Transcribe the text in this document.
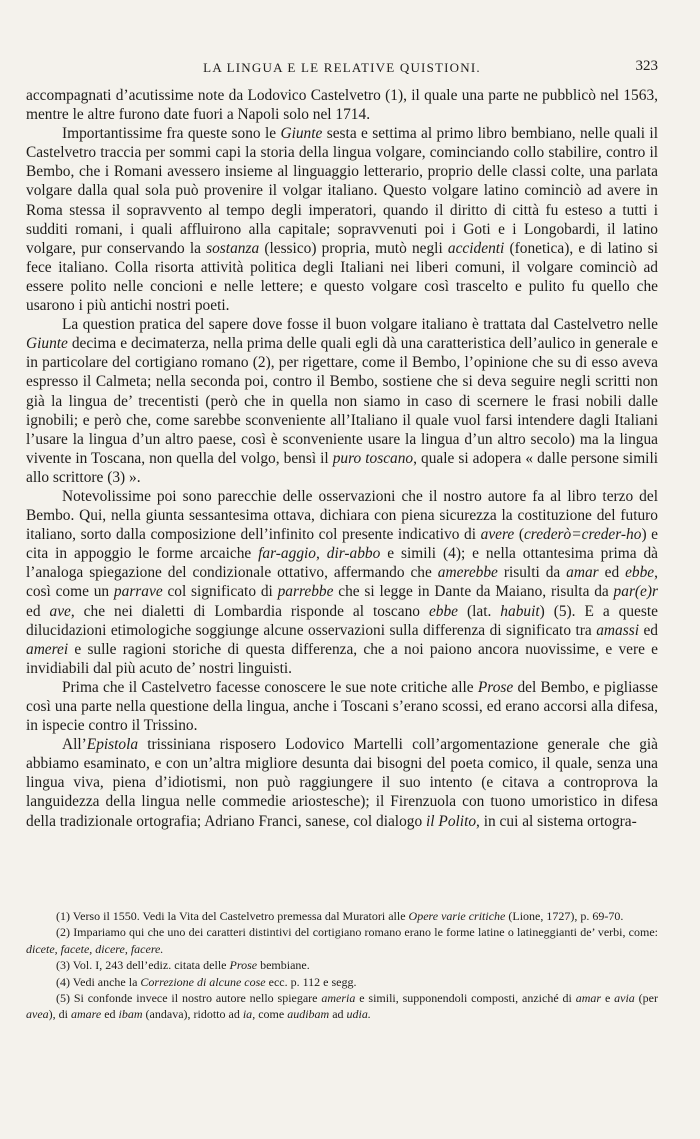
LA LINGUA E LE RELATIVE QUISTIONI.	323

accompagnati d’acutissime note da Lodovico Castelvetro (1), il quale una parte ne pubblicò nel 1563, mentre le altre furono date fuori a Napoli solo nel 1714.

Importantissime fra queste sono le Giunte sesta e settima al primo libro bembiano, nelle quali il Castelvetro traccia per sommi capi la storia della lingua volgare, cominciando collo stabilire, contro il Bembo, che i Romani avessero insieme al linguaggio letterario, proprio delle classi colte, una parlata volgare dalla qual sola può provenire il volgar italiano. Questo volgare latino cominciò ad avere in Roma stessa il sopravvento al tempo degli imperatori, quando il diritto di città fu esteso a tutti i sudditi romani, i quali affluirono alla capitale; sopravvenuti poi i Goti e i Longobardi, il latino volgare, pur conservando la sostanza (lessico) propria, mutò negli accidenti (fonetica), e di latino si fece italiano. Colla risorta attività politica degli Italiani nei liberi comuni, il volgare cominciò ad essere polito nelle concioni e nelle lettere; e questo volgare così trascelto e pulito fu quello che usarono i più antichi nostri poeti.

La question pratica del sapere dove fosse il buon volgare italiano è trattata dal Castelvetro nelle Giunte decima e decimaterza, nella prima delle quali egli dà una caratteristica dell’aulico in generale e in particolare del cortigiano romano (2), per rigettare, come il Bembo, l’opinione che su di esso aveva espresso il Calmeta; nella seconda poi, contro il Bembo, sostiene che si deva seguire negli scritti non già la lingua de’ trecentisti (però che in quella non siamo in caso di scernere le frasi nobili dalle ignobili; e però che, come sarebbe sconveniente all’Italiano il quale vuol farsi intendere dagli Italiani l’usare la lingua d’un altro paese, così è sconveniente usare la lingua d’un altro secolo) ma la lingua vivente in Toscana, non quella del volgo, bensì il puro toscano, quale si adopera « dalle persone simili allo scrittore (3) ».

Notevolissime poi sono parecchie delle osservazioni che il nostro autore fa al libro terzo del Bembo. Qui, nella giunta sessantesima ottava, dichiara con piena sicurezza la costituzione del futuro italiano, sorto dalla composizione dell’infinito col presente indicativo di avere (crederò=creder-ho) e cita in appoggio le forme arcaiche far-aggio, dir-abbo e simili (4); e nella ottantesima prima dà l’analoga spiegazione del condizionale ottativo, affermando che amerebbe risulti da amar ed ebbe, così come un parrave col significato di parrebbe che si legge in Dante da Maiano, risulta da par(e)r ed ave, che nei dialetti di Lombardia risponde al toscano ebbe (lat. habuit) (5). E a queste dilucidazioni etimologiche soggiunge alcune osservazioni sulla differenza di significato tra amassi ed amerei e sulle ragioni storiche di questa differenza, che a noi paiono ancora nuovissime, e vere e invidiabili dal più acuto de’ nostri linguisti.

Prima che il Castelvetro facesse conoscere le sue note critiche alle Prose del Bembo, e pigliasse così una parte nella questione della lingua, anche i Toscani s’erano scossi, ed erano accorsi alla difesa, in ispecie contro il Trissino.

All’Epistola trissiniana risposero Lodovico Martelli coll’argomentazione generale che già abbiamo esaminato, e con un’altra migliore desunta dai bisogni del poeta comico, il quale, senza una lingua viva, piena d’idiotismi, non può raggiungere il suo intento (e citava a controprova la languidezza della lingua nelle commedie ariostesche); il Firenzuola con tuono umoristico in difesa della tradizionale ortografia; Adriano Franci, sanese, col dialogo il Polito, in cui al sistema ortogra-

(1) Verso il 1550. Vedi la Vita del Castelvetro premessa dal Muratori alle Opere varie critiche (Lione, 1727), p. 69-70.

(2) Impariamo qui che uno dei caratteri distintivi del cortigiano romano erano le forme latine o latineggianti de’ verbi, come: dicete, facete, dicere, facere.

(3) Vol. I, 243 dell’ediz. citata delle Prose bembiane.

(4) Vedi anche la Correzione di alcune cose ecc. p. 112 e segg.

(5) Si confonde invece il nostro autore nello spiegare ameria e simili, supponendoli composti, anziché di amar e avia (per avea), di amare ed ibam (andava), ridotto ad ia, come audibam ad udia.
